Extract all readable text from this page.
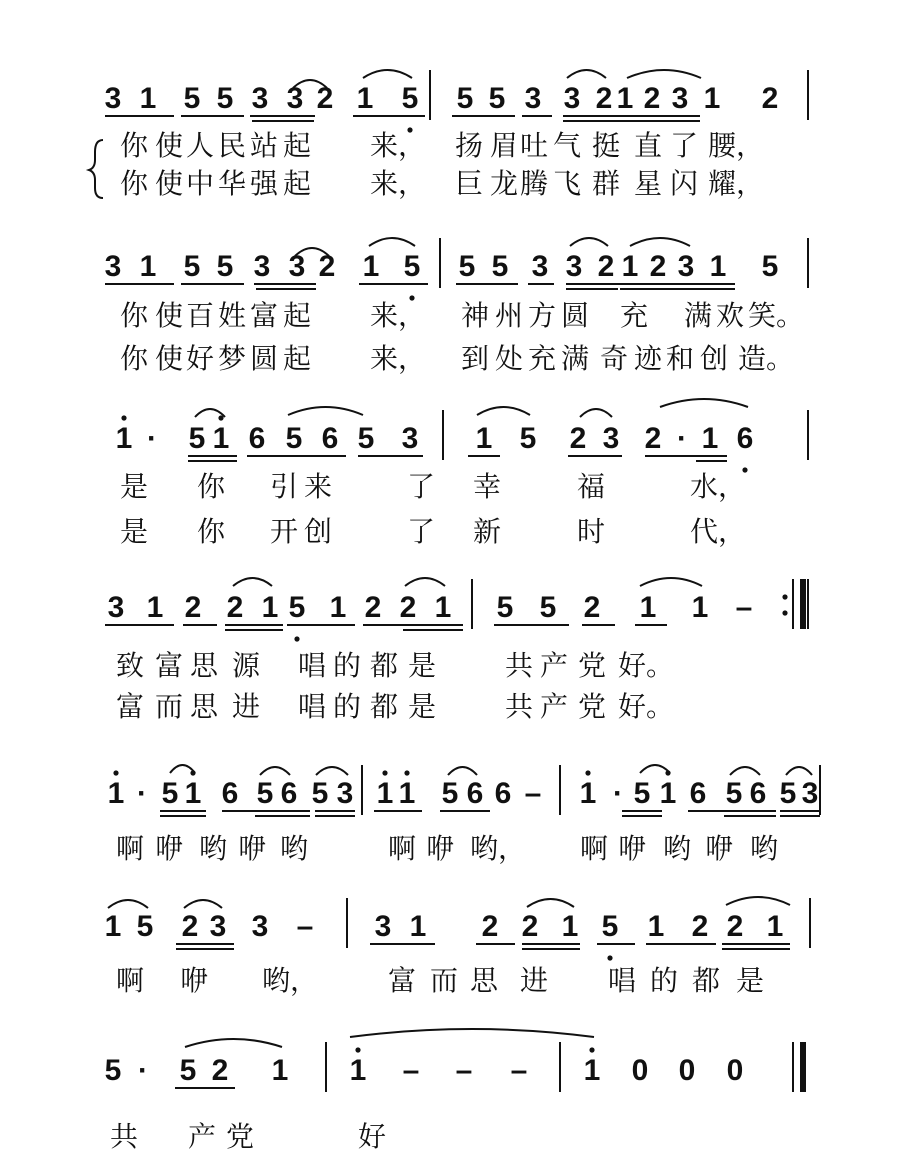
3 1 5 5 3 3 2 1 5 5 5 3 3 2 1 2 3 1 2
你 使 人 民 站 起 来， 扬 眉 吐 气 挺 直 了 腰，
你 使 中 华 强 起 来， 巨 龙 腾 飞 群 星 闪 耀，
3 1 5 5 3 3 2 1 5 5 5 3 3 2 1 2 3 1 5
你 使 百 姓 富 起 来， 神 州 方 圆 充 满 欢 笑。
你 使 好 梦 圆 起 来， 到 处 充 满 奇 迹 和 创 造。
1 · 5 1 6 5 6 5 3 1 5 2 3 2 · 1 6
是 你 引 来	了 幸	福	水，
是 你 开 创	了 新	时	代，
3 1 2 2 1 5 1 2 2 1 5 5 2 1 1 –
致 富 思 源 唱 的 都 是 共 产 党 好。
富 而 思 进 唱 的 都 是 共 产 党 好。
1 · 5 1 6 5 6 5 3 1 1 5 6 6 – 1 · 5 1 6 5 6 5 3
啊 咿 哟 咿 哟	啊 咿 哟， 啊 咿 哟 咿 哟
1 5 2 3 3 – 3 1 2 2 1 5 1 2 2 1
啊 咿 哟， 富 而 思 进 唱 的 都 是
5 · 5 2 1 1 – – – 1 0 0 0
共 产 党	好
